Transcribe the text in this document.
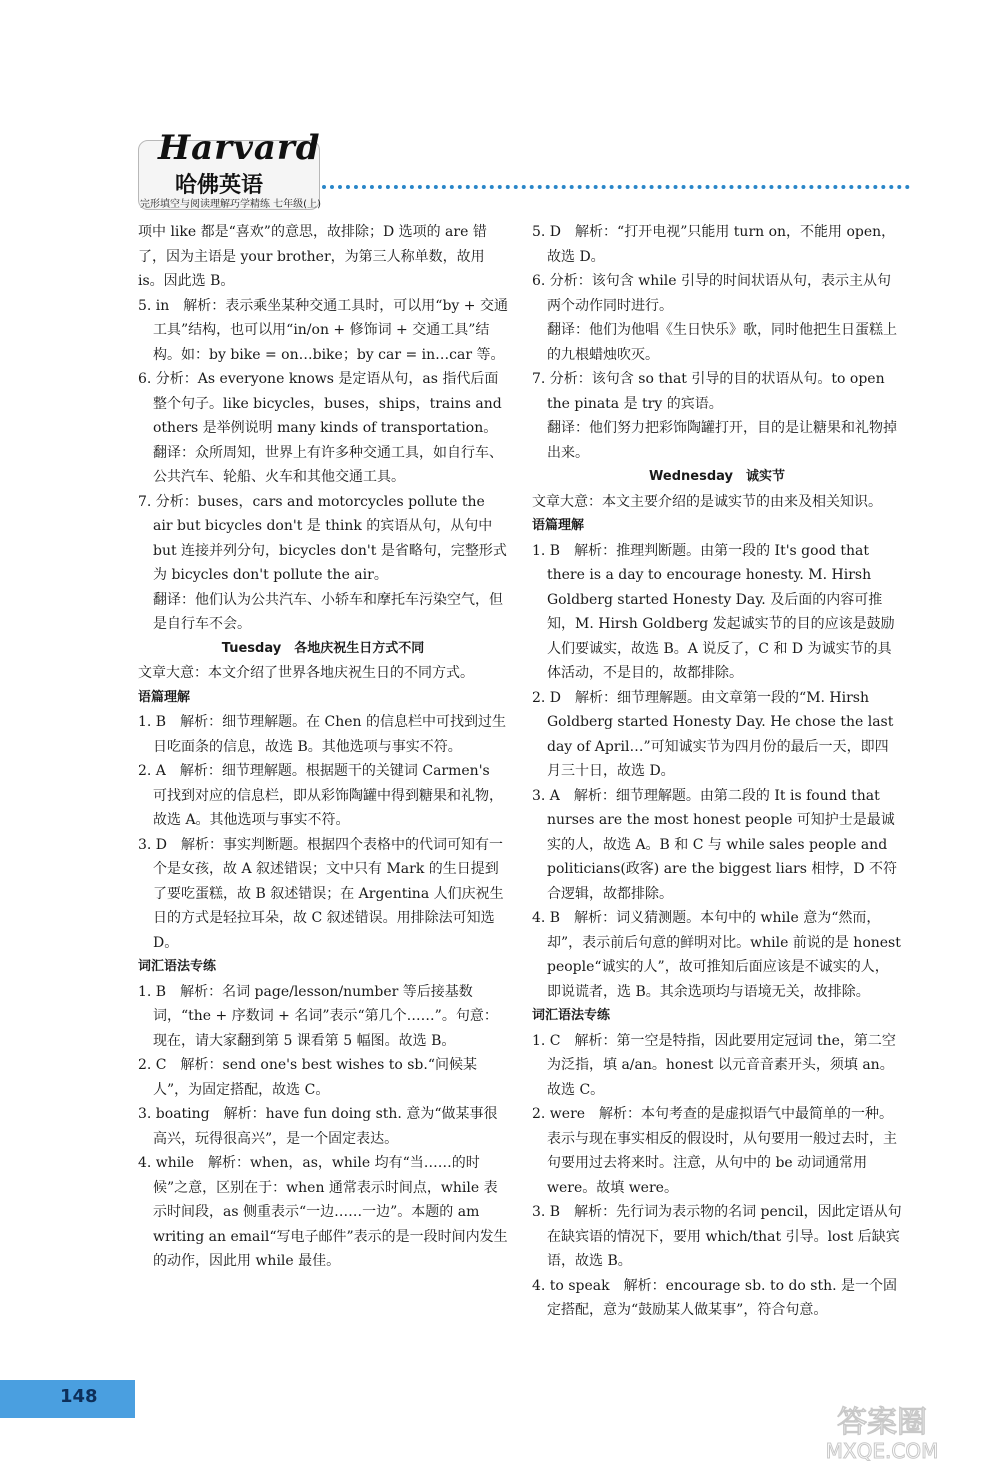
Harvard
哈佛英语
完形填空与阅读理解巧学精练 七年级(上)

项中 like 都是“喜欢”的意思，故排除；D 选项的 are 错了，因为主语是 your brother，为第三人称单数，故用 is。因此选 B。

5. in　解析：表示乘坐某种交通工具时，可以用“by + 交通工具”结构，也可以用“in/on + 修饰词 + 交通工具”结构。如：by bike = on…bike；by car = in…car 等。

6. 分析：As everyone knows 是定语从句，as 指代后面整个句子。like bicycles，buses，ships，trains and others 是举例说明 many kinds of transportation。

翻译：众所周知，世界上有许多种交通工具，如自行车、公共汽车、轮船、火车和其他交通工具。

7. 分析：buses，cars and motorcycles pollute the air but bicycles don't 是 think 的宾语从句，从句中 but 连接并列分句，bicycles don't 是省略句，完整形式为 bicycles don't pollute the air。

翻译：他们认为公共汽车、小轿车和摩托车污染空气，但是自行车不会。

Tuesday　各地庆祝生日方式不同

文章大意：本文介绍了世界各地庆祝生日的不同方式。

语篇理解

1. B　解析：细节理解题。在 Chen 的信息栏中可找到过生日吃面条的信息，故选 B。其他选项与事实不符。

2. A　解析：细节理解题。根据题干的关键词 Carmen's 可找到对应的信息栏，即从彩饰陶罐中得到糖果和礼物，故选 A。其他选项与事实不符。

3. D　解析：事实判断题。根据四个表格中的代词可知有一个是女孩，故 A 叙述错误；文中只有 Mark 的生日提到了要吃蛋糕，故 B 叙述错误；在 Argentina 人们庆祝生日的方式是轻拉耳朵，故 C 叙述错误。用排除法可知选 D。

词汇语法专练

1. B　解析：名词 page/lesson/number 等后接基数词，“the + 序数词 + 名词”表示“第几个……”。句意：现在，请大家翻到第 5 课看第 5 幅图。故选 B。

2. C　解析：send one's best wishes to sb.“问候某人”，为固定搭配，故选 C。

3. boating　解析：have fun doing sth. 意为“做某事很高兴，玩得很高兴”，是一个固定表达。

4. while　解析：when，as，while 均有“当……的时候”之意，区别在于：when 通常表示时间点，while 表示时间段，as 侧重表示“一边……一边”。本题的 am writing an email“写电子邮件”表示的是一段时间内发生的动作，因此用 while 最佳。

5. D　解析：“打开电视”只能用 turn on，不能用 open，故选 D。

6. 分析：该句含 while 引导的时间状语从句，表示主从句两个动作同时进行。

翻译：他们为他唱《生日快乐》歌，同时他把生日蛋糕上的九根蜡烛吹灭。

7. 分析：该句含 so that 引导的目的状语从句。to open the pinata 是 try 的宾语。

翻译：他们努力把彩饰陶罐打开，目的是让糖果和礼物掉出来。

Wednesday　诚实节

文章大意：本文主要介绍的是诚实节的由来及相关知识。

语篇理解

1. B　解析：推理判断题。由第一段的 It's good that there is a day to encourage honesty. M. Hirsh Goldberg started Honesty Day. 及后面的内容可推知，M. Hirsh Goldberg 发起诚实节的目的应该是鼓励人们要诚实，故选 B。A 说反了，C 和 D 为诚实节的具体活动，不是目的，故都排除。

2. D　解析：细节理解题。由文章第一段的“M. Hirsh Goldberg started Honesty Day. He chose the last day of April…”可知诚实节为四月份的最后一天，即四月三十日，故选 D。

3. A　解析：细节理解题。由第二段的 It is found that nurses are the most honest people 可知护士是最诚实的人，故选 A。B 和 C 与 while sales people and politicians(政客) are the biggest liars 相悖，D 不符合逻辑，故都排除。

4. B　解析：词义猜测题。本句中的 while 意为“然而，却”，表示前后句意的鲜明对比。while 前说的是 honest people“诚实的人”，故可推知后面应该是不诚实的人，即说谎者，选 B。其余选项均与语境无关，故排除。

词汇语法专练

1. C　解析：第一空是特指，因此要用定冠词 the，第二空为泛指，填 a/an。honest 以元音音素开头，须填 an。故选 C。

2. were　解析：本句考查的是虚拟语气中最简单的一种。表示与现在事实相反的假设时，从句要用一般过去时，主句要用过去将来时。注意，从句中的 be 动词通常用 were。故填 were。

3. B　解析：先行词为表示物的名词 pencil，因此定语从句在缺宾语的情况下，要用 which/that 引导。lost 后缺宾语，故选 B。

4. to speak　解析：encourage sb. to do sth. 是一个固定搭配，意为“鼓励某人做某事”，符合句意。

148
答案圈
MXQE.COM
